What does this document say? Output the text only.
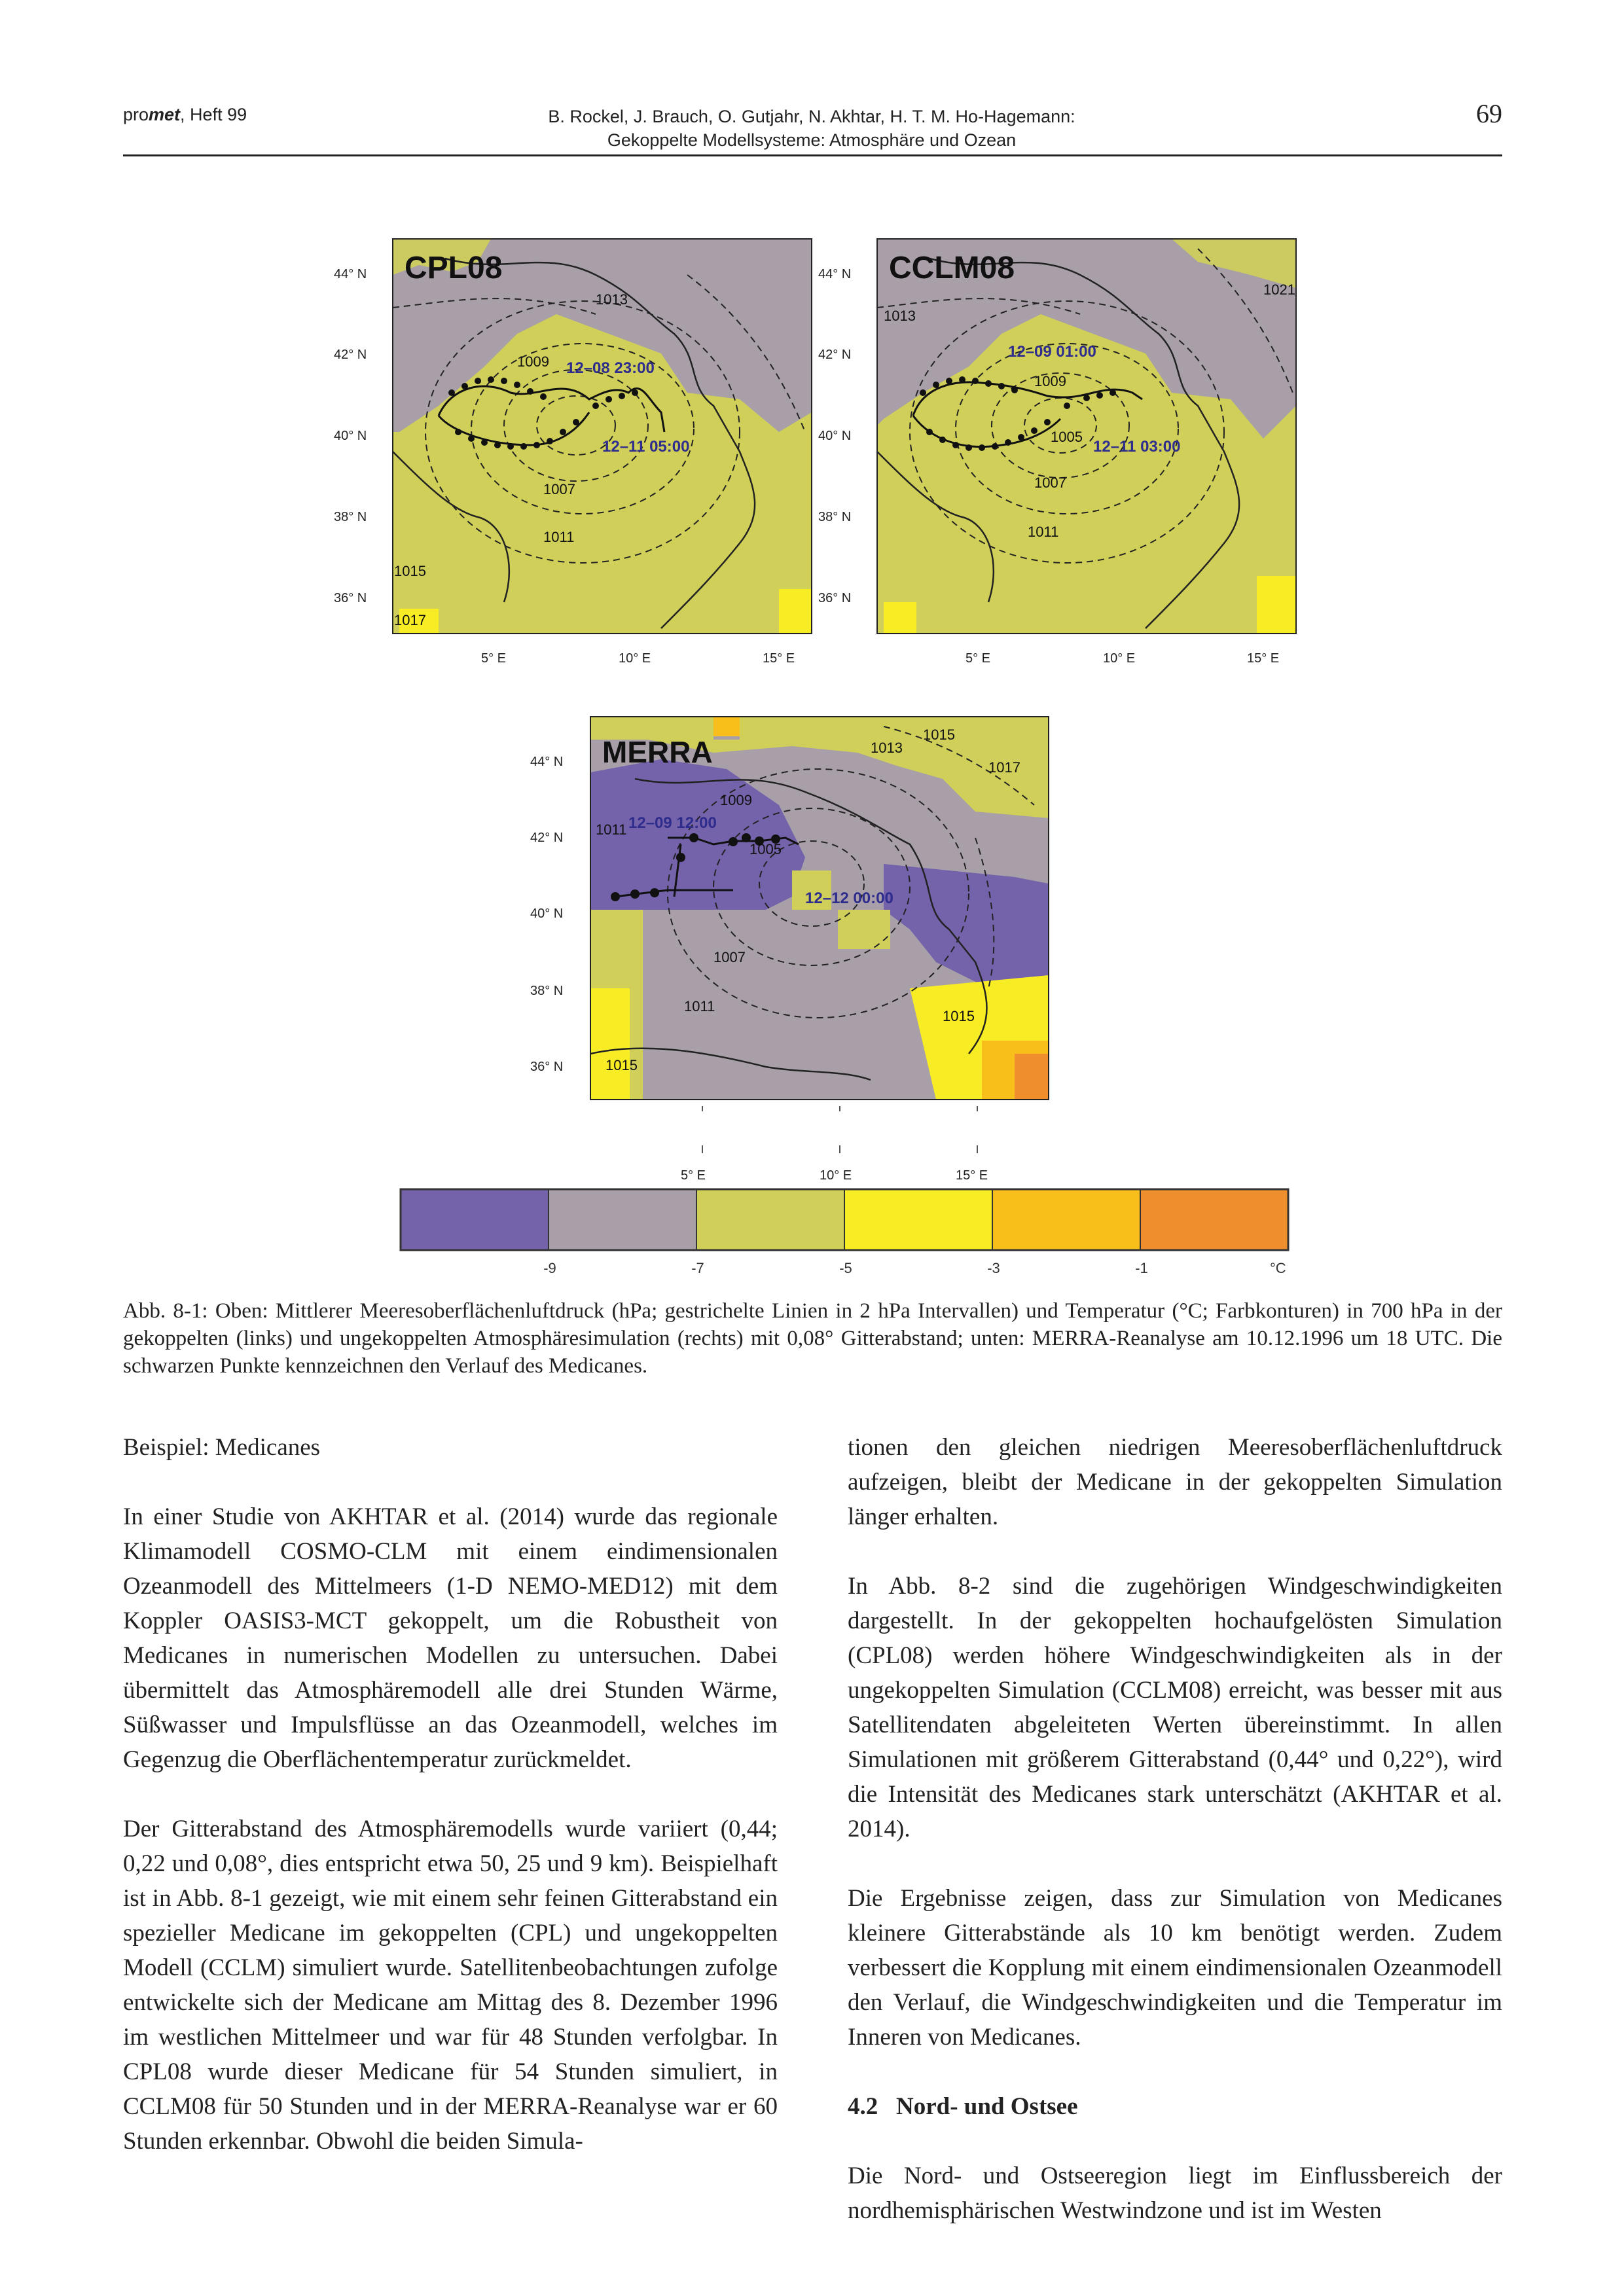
promet, Heft 99	B. Rockel, J. Brauch, O. Gutjahr, N. Akhtar, H. T. M. Ho-Hagemann:
Gekoppelte Modellsysteme: Atmosphäre und Ozean
69
CPL08
12–08 23:00
12–11 05:00
1013
1009
1007
1011
1015
1017
44° N
42° N
40° N
38° N
36° N
5° E	10° E	15° E
CCLM08
12–09 01:00
12–11 03:00
1021
1013
1009
1005
1007
1011
44° N
42° N
40° N
38° N
36° N
5° E	10° E	15° E
MERRA
12–09 12:00
12–12 00:00
1013
1015
1017
1009
1011
1005
1007
1011
1015
1015
44° N
42° N
40° N
38° N
36° N
5° E	10° E	15° E
-9	-7	-5	-3	-1	°C
Abb. 8-1: Oben: Mittlerer Meeresoberflächenluftdruck (hPa; gestrichelte Linien in 2 hPa Intervallen) und Temperatur (°C; Farbkonturen) in 700 hPa in der gekoppelten (links) und ungekoppelten Atmosphäresimulation (rechts) mit 0,08° Gitterabstand; unten: MERRA-Reanalyse am 10.12.1996 um 18 UTC. Die schwarzen Punkte kennzeichnen den Verlauf des Medicanes.

Beispiel: Medicanes

In einer Studie von AKHTAR et al. (2014) wurde das regionale Klimamodell COSMO-CLM mit einem eindimensionalen Ozeanmodell des Mittelmeers (1-D NEMO-MED12) mit dem Koppler OASIS3-MCT gekoppelt, um die Robustheit von Medicanes in numerischen Modellen zu untersuchen. Dabei übermittelt das Atmosphäremodell alle drei Stunden Wärme, Süßwasser und Impulsflüsse an das Ozeanmodell, welches im Gegenzug die Oberflächentemperatur zurückmeldet.

Der Gitterabstand des Atmosphäremodells wurde variiert (0,44; 0,22 und 0,08°, dies entspricht etwa 50, 25 und 9 km). Beispielhaft ist in Abb. 8-1 gezeigt, wie mit einem sehr feinen Gitterabstand ein spezieller Medicane im gekoppelten (CPL) und ungekoppelten Modell (CCLM) simuliert wurde. Satellitenbeobachtungen zufolge entwickelte sich der Medicane am Mittag des 8. Dezember 1996 im westlichen Mittelmeer und war für 48 Stunden verfolgbar. In CPL08 wurde dieser Medicane für 54 Stunden simuliert, in CCLM08 für 50 Stunden und in der MERRA-Reanalyse war er 60 Stunden erkennbar. Obwohl die beiden Simula-

tionen den gleichen niedrigen Meeresoberflächenluftdruck aufzeigen, bleibt der Medicane in der gekoppelten Simulation länger erhalten.

In Abb. 8-2 sind die zugehörigen Windgeschwindigkeiten dargestellt. In der gekoppelten hochaufgelösten Simulation (CPL08) werden höhere Windgeschwindigkeiten als in der ungekoppelten Simulation (CCLM08) erreicht, was besser mit aus Satellitendaten abgeleiteten Werten übereinstimmt. In allen Simulationen mit größerem Gitterabstand (0,44° und 0,22°), wird die Intensität des Medicanes stark unterschätzt (AKHTAR et al. 2014).

Die Ergebnisse zeigen, dass zur Simulation von Medicanes kleinere Gitterabstände als 10 km benötigt werden. Zudem verbessert die Kopplung mit einem eindimensionalen Ozeanmodell den Verlauf, die Windgeschwindigkeiten und die Temperatur im Inneren von Medicanes.

4.2   Nord- und Ostsee

Die Nord- und Ostseeregion liegt im Einflussbereich der nordhemisphärischen Westwindzone und ist im Westen
